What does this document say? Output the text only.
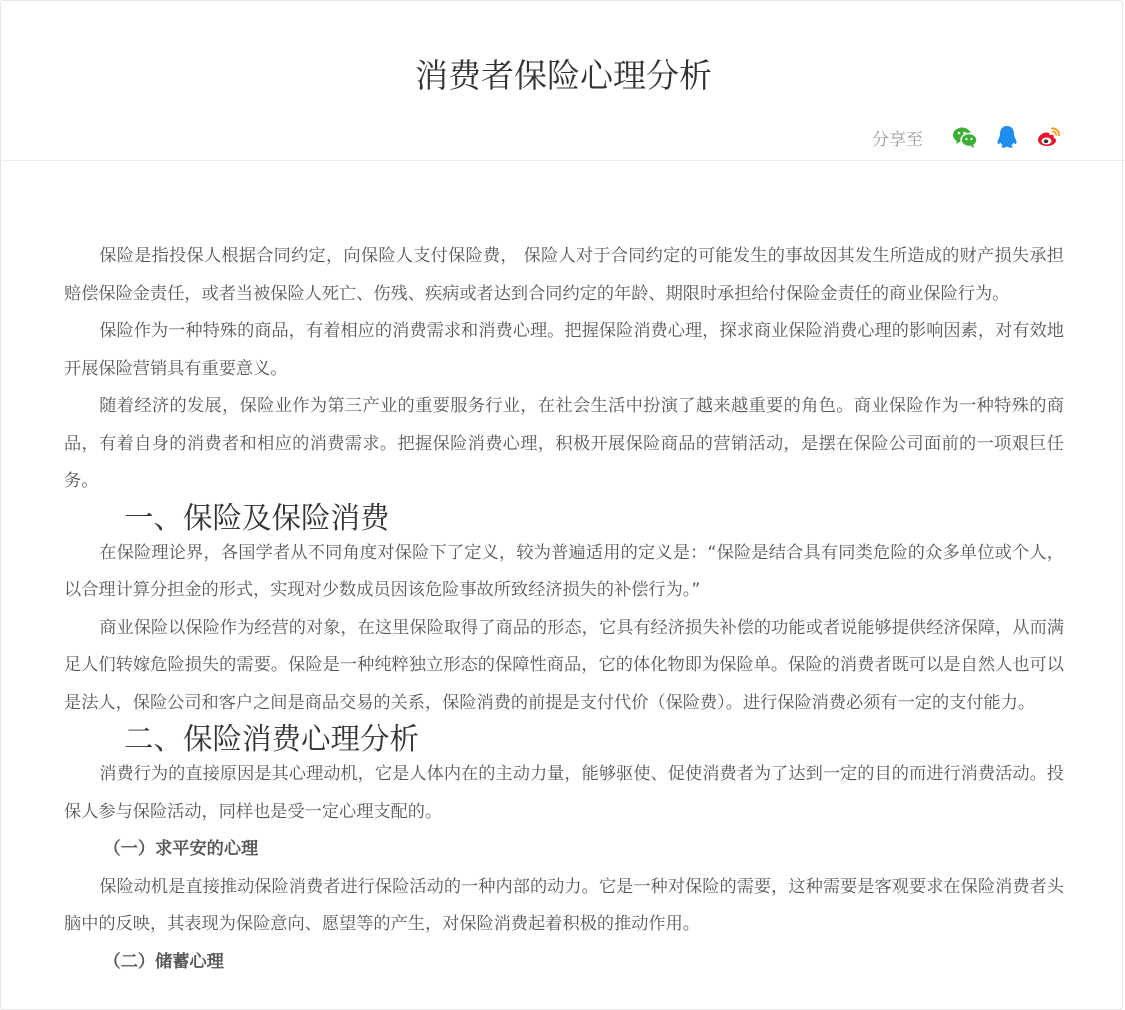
消费者保险心理分析
分享至

保险是指投保人根据合同约定，向保险人支付保险费， 保险人对于合同约定的可能发生的事故因其发生所造成的财产损失承担赔偿保险金责任，或者当被保险人死亡、伤残、疾病或者达到合同约定的年龄、期限时承担给付保险金责任的商业保险行为。

保险作为一种特殊的商品，有着相应的消费需求和消费心理。把握保险消费心理，探求商业保险消费心理的影响因素，对有效地开展保险营销具有重要意义。

随着经济的发展，保险业作为第三产业的重要服务行业，在社会生活中扮演了越来越重要的角色。商业保险作为一种特殊的商品，有着自身的消费者和相应的消费需求。把握保险消费心理，积极开展保险商品的营销活动，是摆在保险公司面前的一项艰巨任务。

一、保险及保险消费

在保险理论界，各国学者从不同角度对保险下了定义，较为普遍适用的定义是：“保险是结合具有同类危险的众多单位或个人，以合理计算分担金的形式，实现对少数成员因该危险事故所致经济损失的补偿行为。”

商业保险以保险作为经营的对象，在这里保险取得了商品的形态，它具有经济损失补偿的功能或者说能够提供经济保障，从而满足人们转嫁危险损失的需要。保险是一种纯粹独立形态的保障性商品，它的体化物即为保险单。保险的消费者既可以是自然人也可以是法人，保险公司和客户之间是商品交易的关系，保险消费的前提是支付代价（保险费）。进行保险消费必须有一定的支付能力。

二、保险消费心理分析

消费行为的直接原因是其心理动机，它是人体内在的主动力量，能够驱使、促使消费者为了达到一定的目的而进行消费活动。投保人参与保险活动，同样也是受一定心理支配的。

（一）求平安的心理

保险动机是直接推动保险消费者进行保险活动的一种内部的动力。它是一种对保险的需要，这种需要是客观要求在保险消费者头脑中的反映，其表现为保险意向、愿望等的产生，对保险消费起着积极的推动作用。

（二）储蓄心理
